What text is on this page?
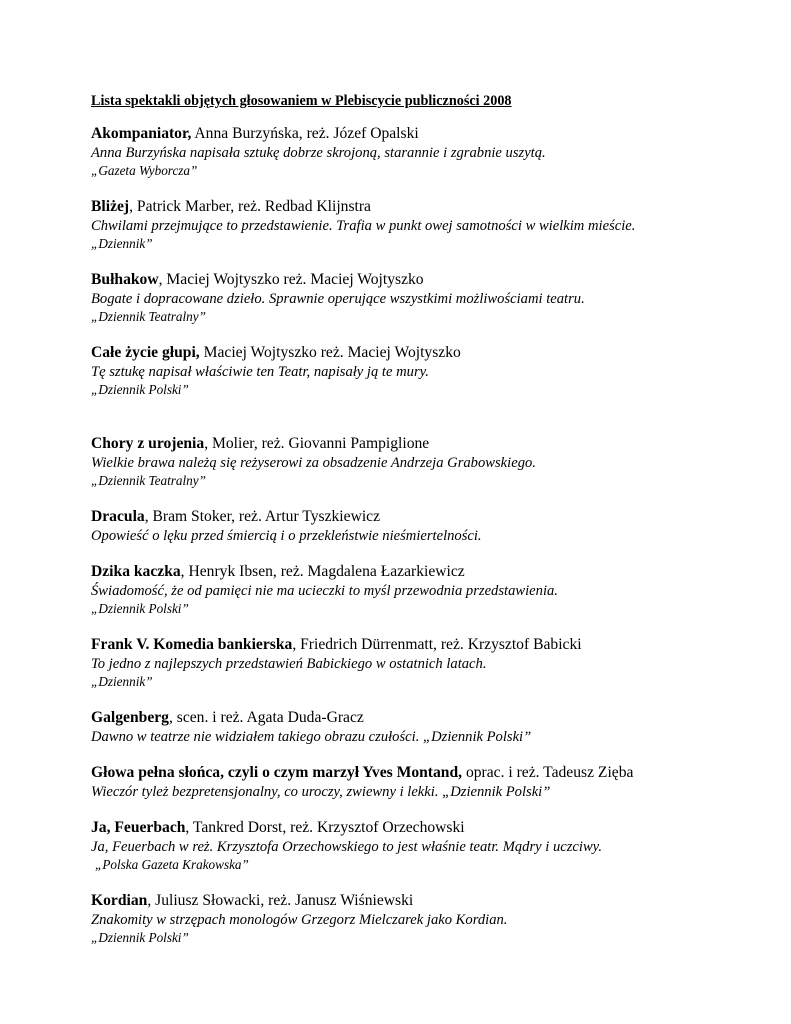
Lista spektakli objętych głosowaniem w Plebiscycie publiczności 2008
Akompaniator, Anna Burzyńska, reż. Józef Opalski
Anna Burzyńska napisała sztukę dobrze skrojoną, starannie i zgrabnie uszytą.
„Gazeta Wyborcza”
Bliżej, Patrick Marber, reż. Redbad Klijnstra
Chwilami przejmujące to przedstawienie. Trafia w punkt owej samotności w wielkim mieście.
„Dziennik”
Bułhakow, Maciej Wojtyszko reż. Maciej Wojtyszko
Bogate i dopracowane dzieło. Sprawnie operujące wszystkimi możliwościami teatru.
„Dziennik Teatralny”
Całe życie głupi, Maciej Wojtyszko reż. Maciej Wojtyszko
Tę sztukę napisał właściwie ten Teatr, napisały ją te mury.
„Dziennik Polski”
Chory z urojenia, Molier, reż. Giovanni Pampiglione
Wielkie brawa należą się reżyserowi za obsadzenie Andrzeja Grabowskiego.
„Dziennik Teatralny”
Dracula, Bram Stoker, reż. Artur Tyszkiewicz
Opowieść o lęku przed śmiercią i o przekleństwie nieśmiertelności.
Dzika kaczka, Henryk Ibsen, reż. Magdalena Łazarkiewicz
Świadomość, że od pamięci nie ma ucieczki to myśl przewodnia przedstawienia.
„Dziennik Polski”
Frank V. Komedia bankierska, Friedrich Dürrenmatt, reż. Krzysztof Babicki
To jedno z najlepszych przedstawień Babickiego w ostatnich latach.
„Dziennik”
Galgenberg, scen. i reż. Agata Duda-Gracz
Dawno w teatrze nie widziałem takiego obrazu czułości. „Dziennik Polski”
Głowa pełna słońca, czyli o czym marzył Yves Montand, oprac. i reż. Tadeusz Zięba
Wieczór tyleż bezpretensjonalny, co uroczy, zwiewny i lekki. „Dziennik Polski”
Ja, Feuerbach, Tankred Dorst, reż. Krzysztof Orzechowski
Ja, Feuerbach w reż. Krzysztofa Orzechowskiego to jest właśnie teatr. Mądry i uczciwy.
„Polska Gazeta Krakowska”
Kordian, Juliusz Słowacki, reż. Janusz Wiśniewski
Znakomity w strzępach monologów Grzegorz Mielczarek jako Kordian.
„Dziennik Polski”
